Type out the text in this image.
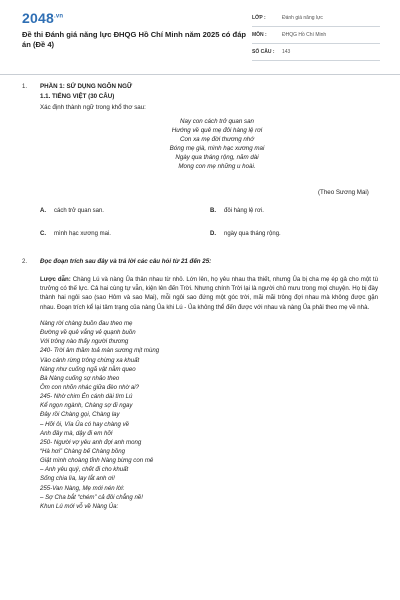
$2048^{.vn}$
Đề thi Đánh giá năng lực ĐHQG Hồ Chí Minh năm 2025 có đáp án (Đề 4)
LỚP :	Đánh giá năng lực
MÔN :	ĐHQG Hồ Chí Minh
SỐ CÂU :	143
1. PHẦN 1: SỬ DỤNG NGÔN NGỮ
1.1. TIẾNG VIỆT (30 CÂU)
Xác định thành ngữ trong khổ thơ sau:
Nay con cách trở quan san
Hướng về quê mẹ đôi hàng lệ rơi
Con xa mẹ đời thương nhớ
Bóng mẹ già, mình hạc xương mai
Ngày qua tháng rộng, năm dài
Mong con mẹ những u hoài.
(Theo Sương Mai)
A. cách trở quan san.	B. đôi hàng lệ rơi.
C. mình hạc xương mai.	D. ngày qua tháng rộng.
2. Đọc đoạn trích sau đây và trả lời các câu hỏi từ 21 đến 25:
Lược dẫn: Chàng Lú và nàng Ủa thân nhau từ nhỏ. Lớn lên, họ yêu nhau tha thiết, nhưng Ủa bị cha mẹ ép gả cho một tù trưởng có thế lực. Cả hai cùng tự vẫn, kiện lên đến Trời. Nhưng chính Trời lại là người chủ mưu trong mọi chuyện. Họ bị đày thành hai ngôi sao (sao Hôm và sao Mai), mỗi ngôi sao đứng một góc trời, mãi mãi trông đợi nhau mà không được gặn nhau. Đoạn trích kể lại tâm trạng của nàng Ủa khi Lú - Ủa không thể đến được với nhau và nàng Ủa phải theo mẹ về nhà.
Nàng rời chàng buồn đau theo mẹ
Đường về quê vắng vẻ quạnh buồn
Với trông nào thấy người thương
240- Trời âm thầm toả màn sương mịt mùng
Vào cánh rừng trông chừng xa khuất
Nàng như cuống ngã vật nằm queo
Bà Nàng cuống sợ nhảo theo
Ôm con nhõn nhác giữa đèo nhờ ai?
245- Nhờ chim Én cánh dài tìm Lú
Kể ngọn ngành, Chàng sợ đi ngay
Đây rồi Chàng gọi, Chàng lay
– Hỡi ôi, Vía Ủa có hay chàng về
Anh đây mà, dậy đi em hỡi
250- Người vợ yêu anh đợi anh mong
“Hà hơi” Chàng bế Chàng bồng
Giật mình choàng tỉnh Nàng bừng con mê
– Anh yêu quý, chết đi cho khuất
Sống chia lìa, lay lắt anh ơi!
255-Van Nàng, Mẹ mới nén lời:
– Sợ Cha bắt “chém” cả đôi chẳng nề!
Khun Lú mới vỗ về Nàng Ủa:
